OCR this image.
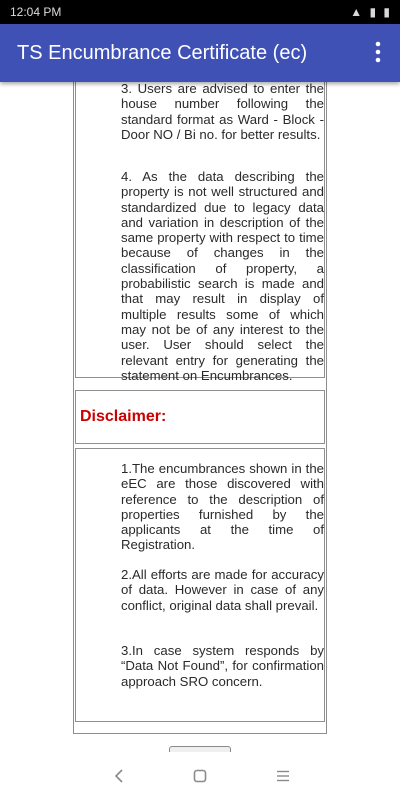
12:04 PM	▲ ▮ ▮
TS Encumbrance Certificate (ec)

3. Users are advised to enter the house number following the standard format as Ward - Block - Door NO / Bi no. for better results.

4. As the data describing the property is not well structured and standardized due to legacy data and variation in description of the same property with respect to time because of changes in the classification of property, a probabilistic search is made and that may result in display of multiple results some of which may not be of any interest to the user. User should select the relevant entry for generating the statement on Encumbrances.

Disclaimer:

1.The encumbrances shown in the eEC are those discovered with reference to the description of properties furnished by the applicants at the time of Registration.

2.All efforts are made for accuracy of data. However in case of any conflict, original data shall prevail.

3.In case system responds by “Data Not Found”, for confirmation approach SRO concern.
